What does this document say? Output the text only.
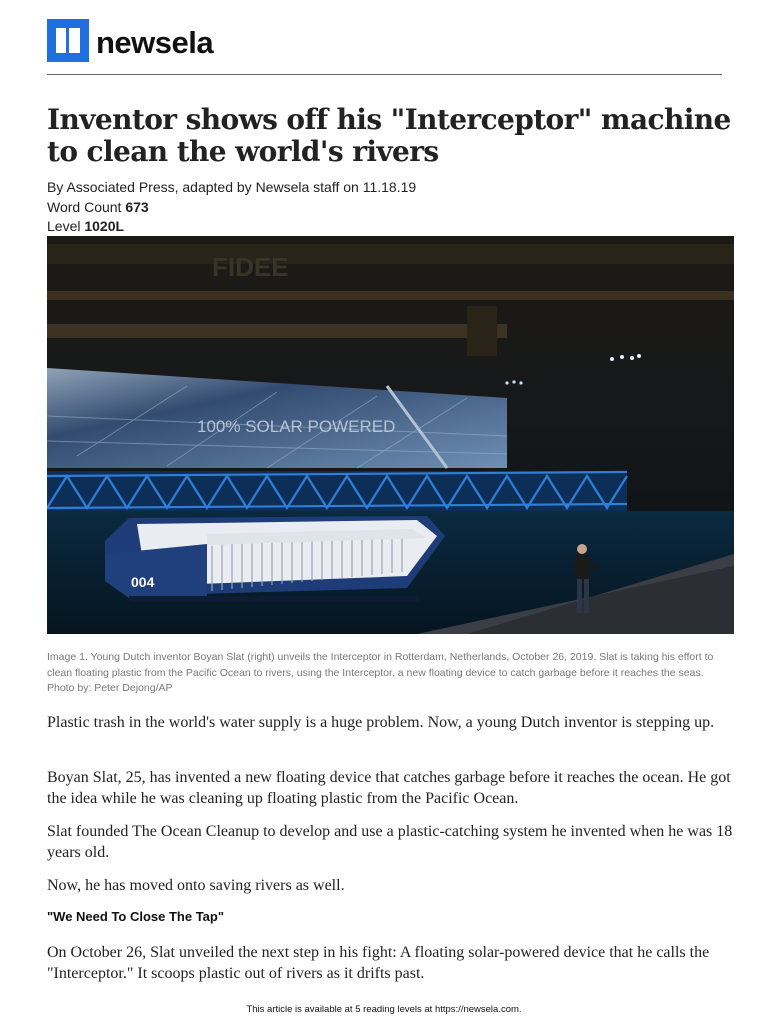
newsela
Inventor shows off his "Interceptor" machine to clean the world's rivers
By Associated Press, adapted by Newsela staff on 11.18.19
Word Count 673
Level 1020L
FIDEE
100% SOLAR POWERED
004
Image 1. Young Dutch inventor Boyan Slat (right) unveils the Interceptor in Rotterdam, Netherlands, October 26, 2019. Slat is taking his effort to clean floating plastic from the Pacific Ocean to rivers, using the Interceptor, a new floating device to catch garbage before it reaches the seas. Photo by: Peter Dejong/AP

Plastic trash in the world's water supply is a huge problem. Now, a young Dutch inventor is stepping up.

Boyan Slat, 25, has invented a new floating device that catches garbage before it reaches the ocean. He got the idea while he was cleaning up floating plastic from the Pacific Ocean.

Slat founded The Ocean Cleanup to develop and use a plastic-catching system he invented when he was 18 years old.

Now, he has moved onto saving rivers as well.

"We Need To Close The Tap"

On October 26, Slat unveiled the next step in his fight: A floating solar-powered device that he calls the "Interceptor." It scoops plastic out of rivers as it drifts past.

This article is available at 5 reading levels at https://newsela.com.
